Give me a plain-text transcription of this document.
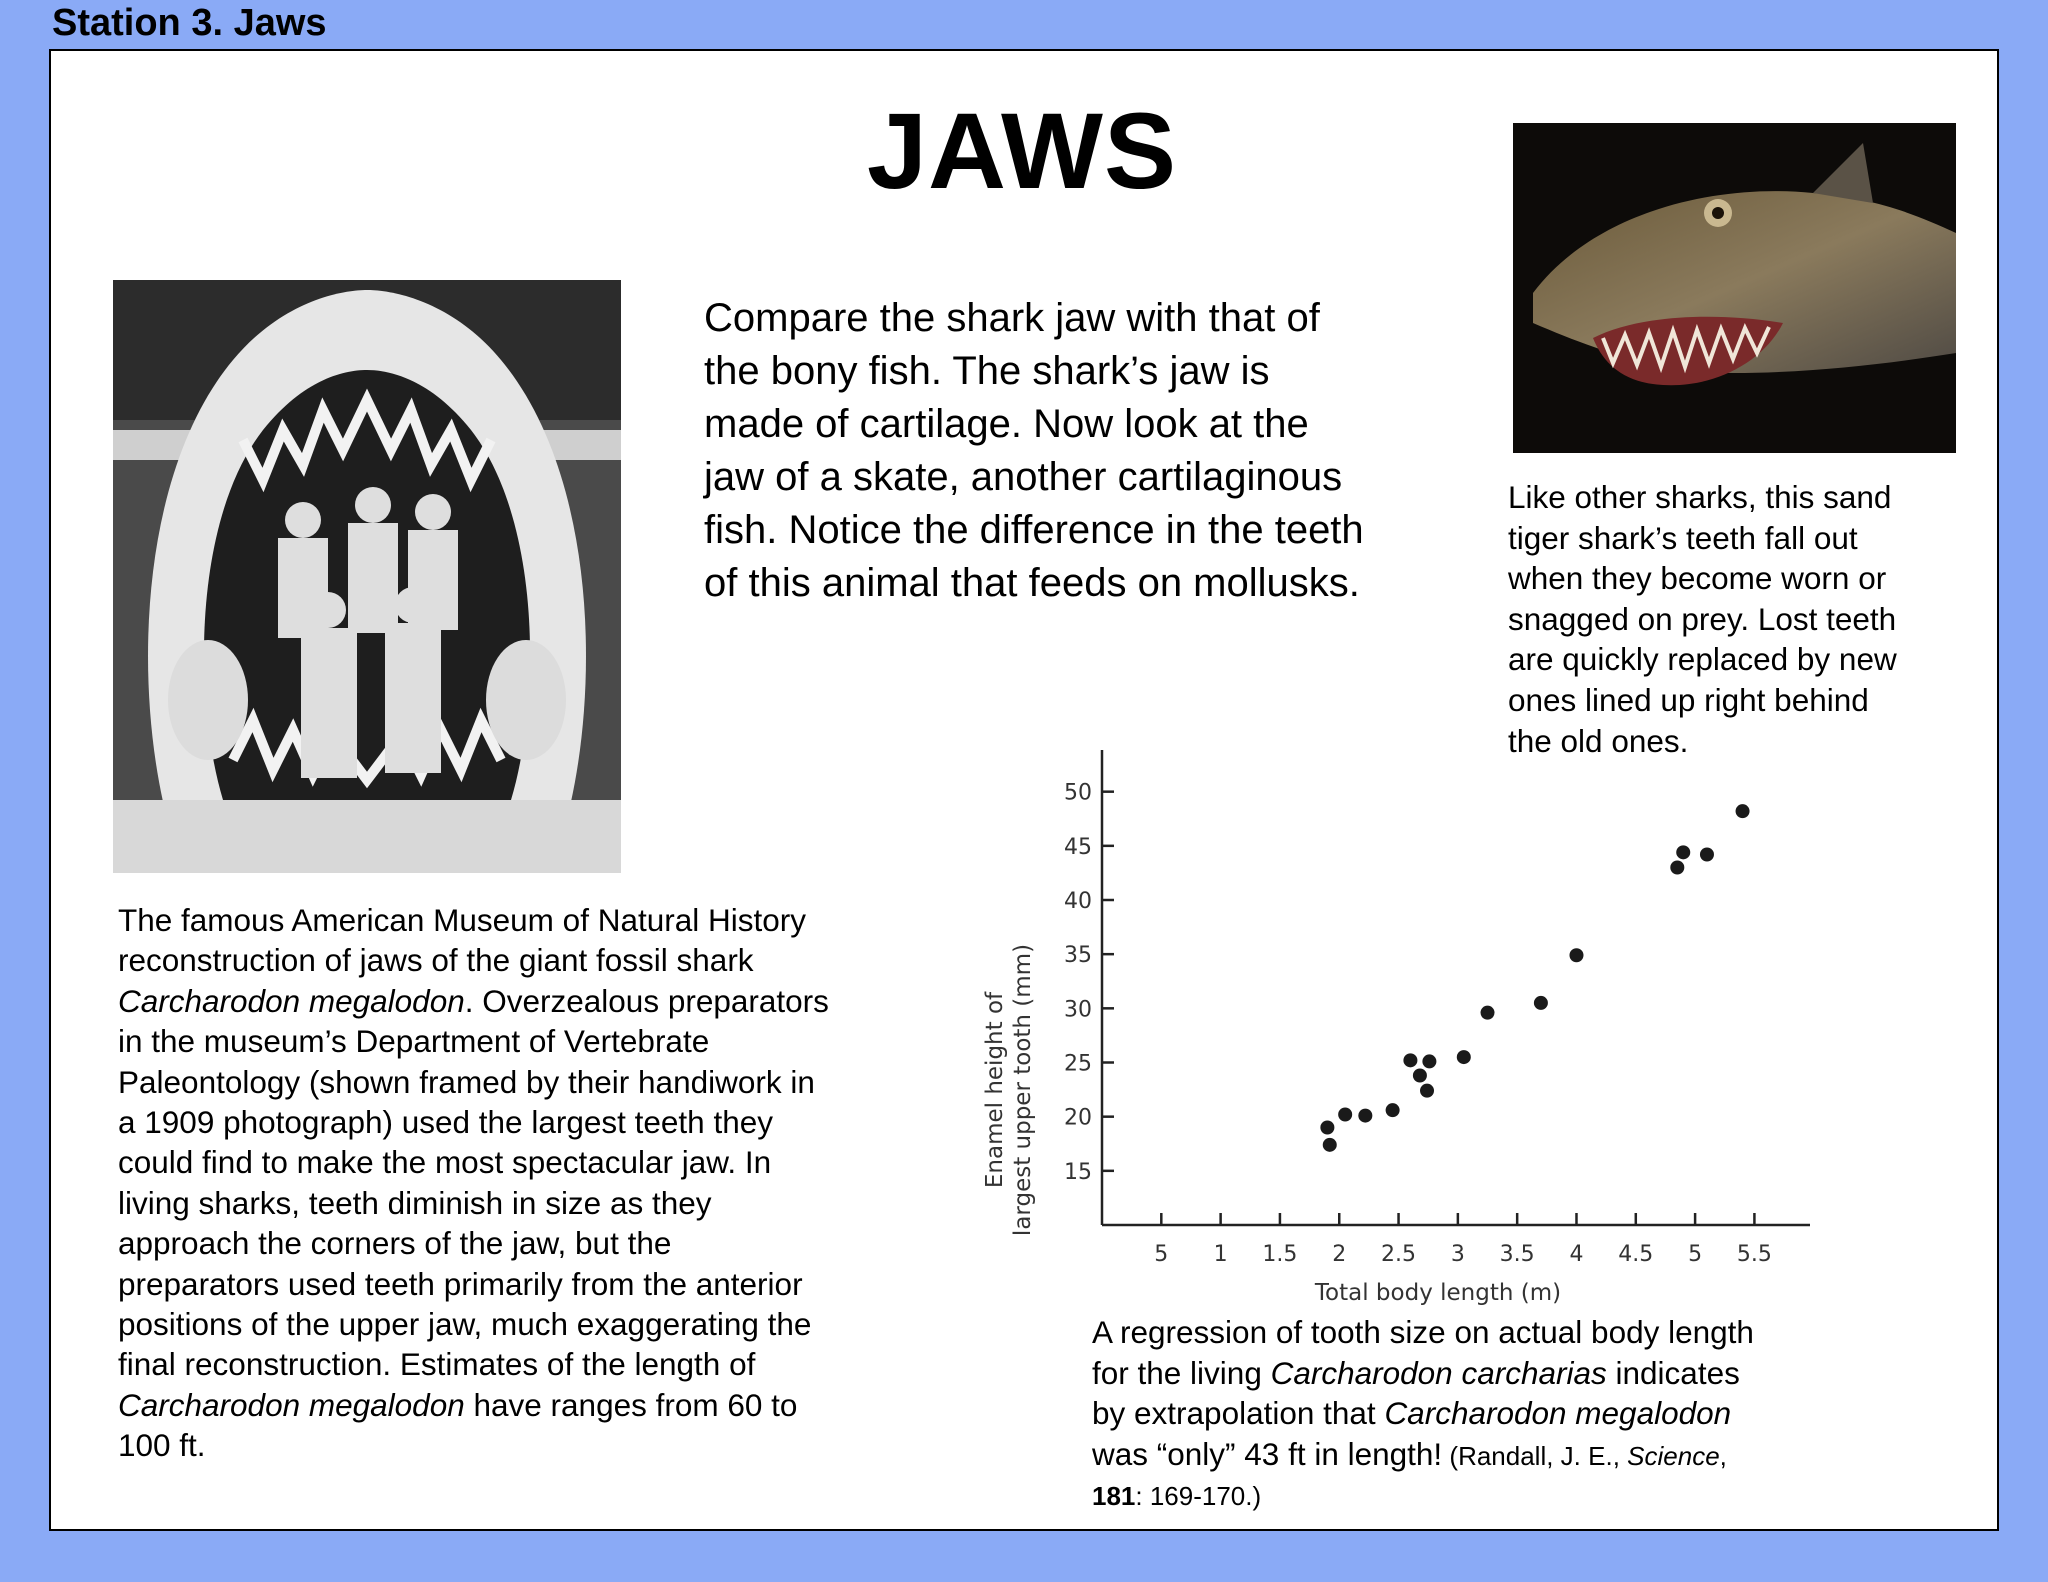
Station 3. Jaws
JAWS

Compare the shark jaw with that of

the bony fish. The shark’s jaw is

made of cartilage. Now look at the

jaw of a skate, another cartilaginous

fish. Notice the difference in the teeth

of this animal that feeds on mollusks.

Like other sharks, this sand

tiger shark’s teeth fall out

when they become worn or

snagged on prey. Lost teeth

are quickly replaced by new

ones lined up right behind

the old ones.

The famous American Museum of Natural History

reconstruction of jaws of the giant fossil shark

Carcharodon megalodon. Overzealous preparators

in the museum’s Department of Vertebrate

Paleontology (shown framed by their handiwork in

a 1909 photograph) used the largest teeth they

could find to make the most spectacular jaw. In

living sharks, teeth diminish in size as they

approach the corners of the jaw, but the

preparators used teeth primarily from the anterior

positions of the upper jaw, much exaggerating the

final reconstruction. Estimates of the length of

Carcharodon megalodon have ranges from 60 to

100 ft.

5 1 1.5 2 2.5 3 3.5 4 4.5 5 5.5
15
20
25
30
35
40
45
50
Total body length (m)
Enamel height of largest upper tooth (mm)

A regression of tooth size on actual body length

for the living Carcharodon carcharias indicates

by extrapolation that Carcharodon megalodon

was “only” 43 ft in length! (Randall, J. E., Science,

181: 169-170.)
